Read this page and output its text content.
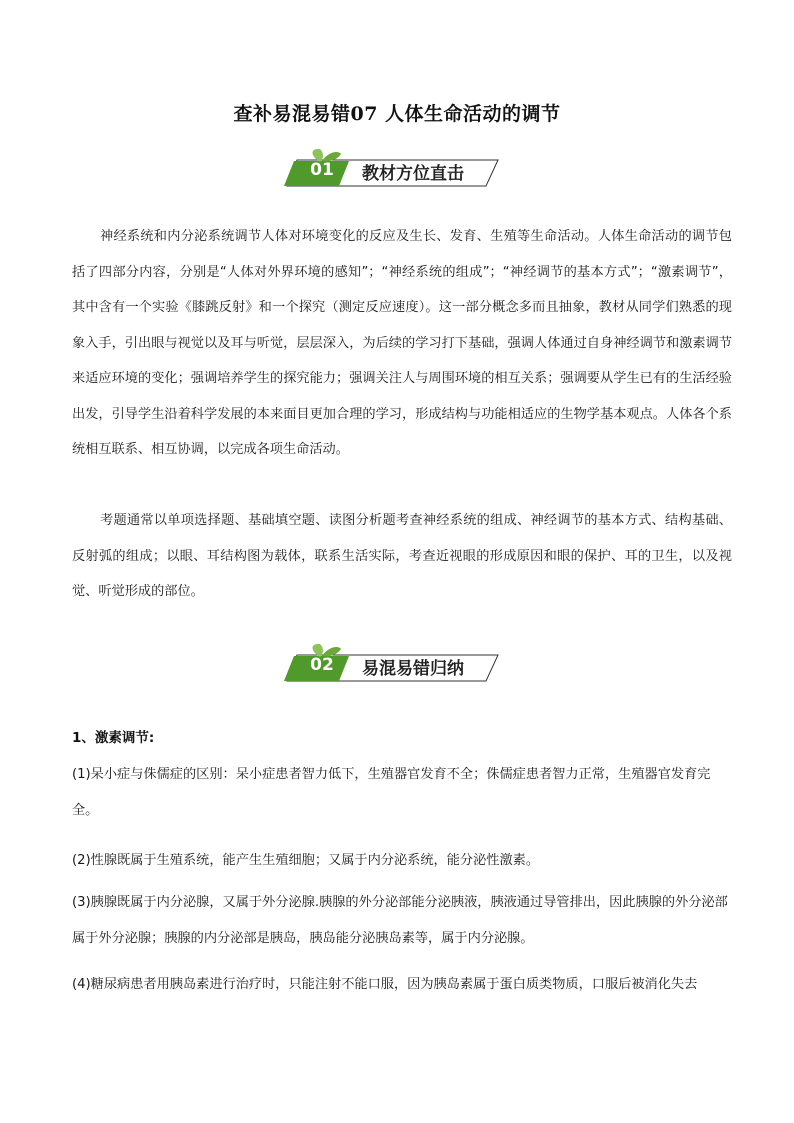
查补易混易错07 人体生命活动的调节
01	教材方位直击

神经系统和内分泌系统调节人体对环境变化的反应及生长、发育、生殖等生命活动。人体生命活动的调节包括了四部分内容，分别是“人体对外界环境的感知”；“神经系统的组成”；“神经调节的基本方式”；“激素调节”，其中含有一个实验《膝跳反射》和一个探究（测定反应速度）。这一部分概念多而且抽象，教材从同学们熟悉的现象入手，引出眼与视觉以及耳与听觉，层层深入，为后续的学习打下基础，强调人体通过自身神经调节和激素调节来适应环境的变化；强调培养学生的探究能力；强调关注人与周围环境的相互关系；强调要从学生已有的生活经验出发，引导学生沿着科学发展的本来面目更加合理的学习，形成结构与功能相适应的生物学基本观点。人体各个系统相互联系、相互协调，以完成各项生命活动。

考题通常以单项选择题、基础填空题、读图分析题考查神经系统的组成、神经调节的基本方式、结构基础、反射弧的组成；以眼、耳结构图为载体，联系生活实际，考查近视眼的形成原因和眼的保护、耳的卫生，以及视觉、听觉形成的部位。

02	易混易错归纳
1、激素调节:

(1)呆小症与侏儒症的区别：呆小症患者智力低下，生殖器官发育不全；侏儒症患者智力正常，生殖器官发育完全。

(2)性腺既属于生殖系统，能产生生殖细胞；又属于内分泌系统，能分泌性激素。

(3)胰腺既属于内分泌腺，又属于外分泌腺.胰腺的外分泌部能分泌胰液，胰液通过导管排出，因此胰腺的外分泌部属于外分泌腺；胰腺的内分泌部是胰岛，胰岛能分泌胰岛素等，属于内分泌腺。

(4)糖尿病患者用胰岛素进行治疗时，只能注射不能口服，因为胰岛素属于蛋白质类物质，口服后被消化失去
